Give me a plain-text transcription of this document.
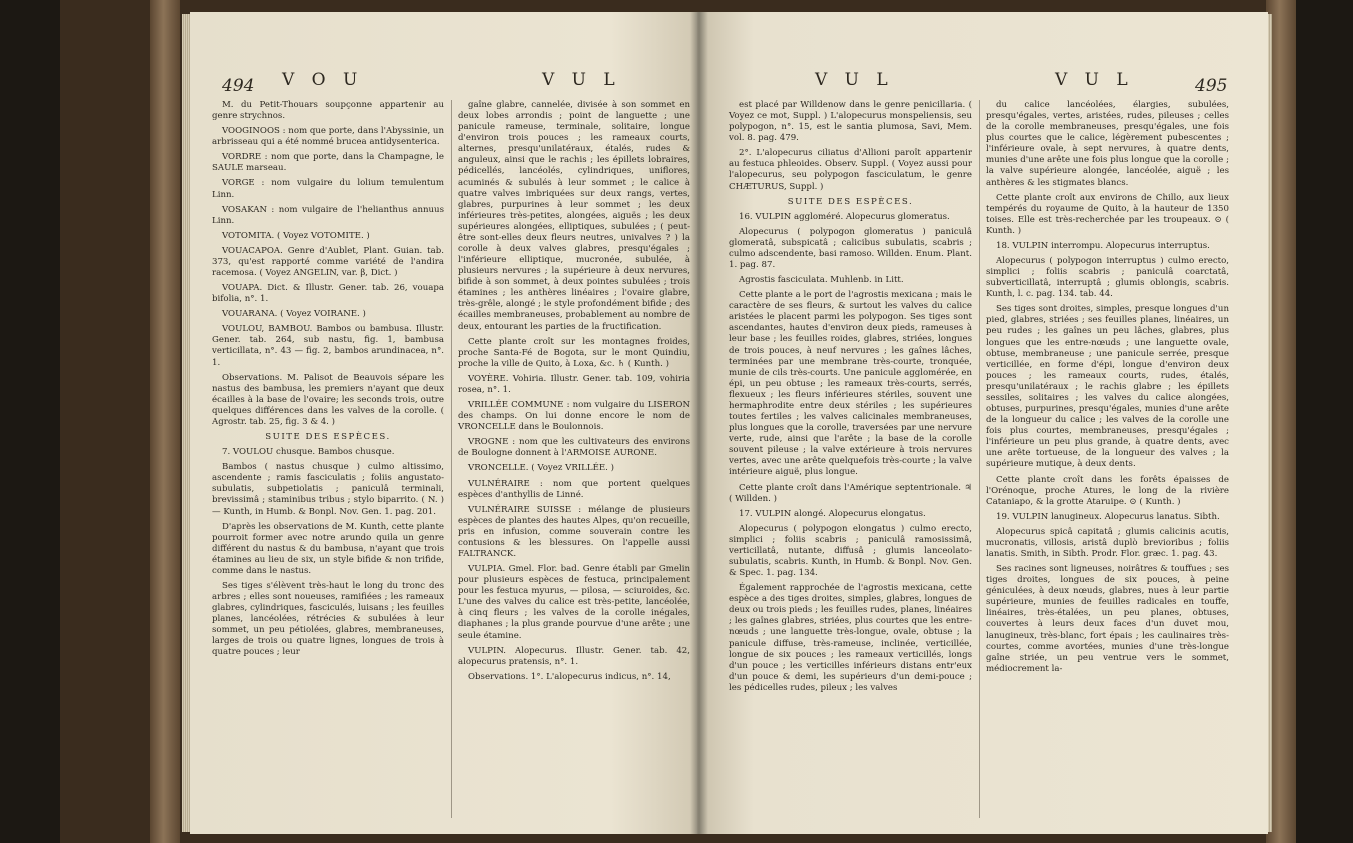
494 V O U	V U L

M. du Petit-Thouars soupçonne appartenir au genre strychnos.

VOOGINOOS : nom que porte, dans l'Abyssinie, un arbrisseau qui a été nommé brucea antidysenterica.

VORDRE : nom que porte, dans la Champagne, le SAULE marseau.

VORGE : nom vulgaire du lolium temulentum Linn.

VOSAKAN : nom vulgaire de l'helianthus annuus Linn.

VOTOMITA. ( Voyez VOTOMITE. )

VOUACAPOA. Genre d'Aublet, Plant. Guian. tab. 373, qu'est rapporté comme variété de l'andira racemosa. ( Voyez ANGELIN, var. β, Dict. )

VOUAPA. Dict. & Illustr. Gener. tab. 26, vouapa bifolia, n°. 1.

VOUARANA. ( Voyez VOIRANE. )

VOULOU, BAMBOU. Bambos ou bambusa. Illustr. Gener. tab. 264, sub nastu, fig. 1, bambusa verticillata, n°. 43 — fig. 2, bambos arundinacea, n°. 1.

Observations. M. Palisot de Beauvois sépare les nastus des bambusa, les premiers n'ayant que deux écailles à la base de l'ovaire; les seconds trois, outre quelques différences dans les valves de la corolle. ( Agrostr. tab. 25, fig. 3 & 4. )

SUITE DES ESPÈCES.

7. VOULOU chusque. Bambos chusque.

Bambos ( nastus chusque ) culmo altissimo, ascendente ; ramis fasciculatis ; foliis angustato-subulatis, subpetiolatis ; paniculâ terminali, brevissimâ ; staminibus tribus ; stylo biparrito. ( N. ) — Kunth, in Humb. & Bonpl. Nov. Gen. 1. pag. 201.

D'après les observations de M. Kunth, cette plante pourroit former avec notre arundo quila un genre différent du nastus & du bambusa, n'ayant que trois étamines au lieu de six, un style bifide & non trifide, comme dans le nastus.

Ses tiges s'élèvent très-haut le long du tronc des arbres ; elles sont noueuses, ramifiées ; les rameaux glabres, cylindriques, fasciculés, luisans ; les feuilles planes, lancéolées, rétrécies & subulées à leur sommet, un peu pétiolées, glabres, membraneuses, larges de trois ou quatre lignes, longues de trois à quatre pouces ; leur

gaîne glabre, cannelée, divisée à son sommet en deux lobes arrondis ; point de languette ; une panicule rameuse, terminale, solitaire, longue d'environ trois pouces ; les rameaux courts, alternes, presqu'unilatéraux, étalés, rudes & anguleux, ainsi que le rachis ; les épillets lobraires, pédicellés, lancéolés, cylindriques, uniflores, acuminés & subulés à leur sommet ; le calice à quatre valves imbriquées sur deux rangs, vertes, glabres, purpurines à leur sommet ; les deux inférieures très-petites, alongées, aiguës ; les deux supérieures alongées, elliptiques, subulées ; ( peut-être sont-elles deux fleurs neutres, univalves ? ) la corolle à deux valves glabres, presqu'égales ; l'inférieure elliptique, mucronée, subulée, à plusieurs nervures ; la supérieure à deux nervures, bifide à son sommet, à deux pointes subulées ; trois étamines ; les anthères linéaires ; l'ovaire glabre, très-grêle, alongé ; le style profondément bifide ; des écailles membraneuses, probablement au nombre de deux, entourant les parties de la fructification.

Cette plante croît sur les montagnes froides, proche Santa-Fé de Bogota, sur le mont Quindiu, proche la ville de Quito, à Loxa, &c. ♄ ( Kunth. )

VOYÈRE. Vohiria. Illustr. Gener. tab. 109, vohiria rosea, n°. 1.

VRILLÉE COMMUNE : nom vulgaire du LISERON des champs. On lui donne encore le nom de VRONCELLE dans le Boulonnois.

VROGNE : nom que les cultivateurs des environs de Boulogne donnent à l'ARMOISE AURONE.

VRONCELLE. ( Voyez VRILLÉE. )

VULNÉRAIRE : nom que portent quelques espèces d'anthyllis de Linné.

VULNÉRAIRE SUISSE : mélange de plusieurs espèces de plantes des hautes Alpes, qu'on recueille, pris en infusion, comme souverain contre les contusions & les blessures. On l'appelle aussi FALTRANCK.

VULPIA. Gmel. Flor. bad. Genre établi par Gmelin pour plusieurs espèces de festuca, principalement pour les festuca myurus, — pilosa, — sciuroides, &c. L'une des valves du calice est très-petite, lancéolée, à cinq fleurs ; les valves de la corolle inégales, diaphanes ; la plus grande pourvue d'une arête ; une seule étamine.

VULPIN. Alopecurus. Illustr. Gener. tab. 42, alopecurus pratensis, n°. 1.

Observations. 1°. L'alopecurus indicus, n°. 14,

V U L	V U L	495

est placé par Willdenow dans le genre penicillaria. ( Voyez ce mot, Suppl. ) L'alopecurus monspeliensis, seu polypogon, n°. 15, est le santia plumosa, Savi, Mem. vol. 8. pag. 479.

2°. L'alopecurus ciliatus d'Allioni paroît appartenir au festuca phleoides. Observ. Suppl. ( Voyez aussi pour l'alopecurus, seu polypogon fasciculatum, le genre CHÆTURUS, Suppl. )

SUITE DES ESPÈCES.

16. VULPIN aggloméré. Alopecurus glomeratus.

Alopecurus ( polypogon glomeratus ) paniculâ glomeratâ, subspicatâ ; calicibus subulatis, scabris ; culmo adscendente, basi ramoso. Willden. Enum. Plant. 1. pag. 87.

Agrostis fasciculata. Muhlenb. in Litt.

Cette plante a le port de l'agrostis mexicana ; mais le caractère de ses fleurs, & surtout les valves du calice aristées le placent parmi les polypogon. Ses tiges sont ascendantes, hautes d'environ deux pieds, rameuses à leur base ; les feuilles roides, glabres, striées, longues de trois pouces, à neuf nervures ; les gaînes lâches, terminées par une membrane très-courte, tronquée, munie de cils très-courts. Une panicule agglomérée, en épi, un peu obtuse ; les rameaux très-courts, serrés, flexueux ; les fleurs inférieures stériles, souvent une hermaphrodite entre deux stériles ; les supérieures toutes fertiles ; les valves calicinales membraneuses, plus longues que la corolle, traversées par une nervure verte, rude, ainsi que l'arête ; la base de la corolle souvent pileuse ; la valve extérieure à trois nervures vertes, avec une arête quelquefois très-courte ; la valve intérieure aiguë, plus longue.

Cette plante croît dans l'Amérique septentrionale. ♃ ( Willden. )

17. VULPIN alongé. Alopecurus elongatus.

Alopecurus ( polypogon elongatus ) culmo erecto, simplici ; foliis scabris ; paniculâ ramosissimâ, verticillatâ, nutante, diffusâ ; glumis lanceolato-subulatis, scabris. Kunth, in Humb. & Bonpl. Nov. Gen. & Spec. 1. pag. 134.

Également rapprochée de l'agrostis mexicana, cette espèce a des tiges droites, simples, glabres, longues de deux ou trois pieds ; les feuilles rudes, planes, linéaires ; les gaînes glabres, striées, plus courtes que les entre-nœuds ; une languette très-longue, ovale, obtuse ; la panicule diffuse, très-rameuse, inclinée, verticillée, longue de six pouces ; les rameaux verticillés, longs d'un pouce ; les verticilles inférieurs distans entr'eux d'un pouce & demi, les supérieurs d'un demi-pouce ; les pédicelles rudes, pileux ; les valves

du calice lancéolées, élargies, subulées, presqu'égales, vertes, aristées, rudes, pileuses ; celles de la corolle membraneuses, presqu'égales, une fois plus courtes que le calice, légèrement pubescentes ; l'inférieure ovale, à sept nervures, à quatre dents, munies d'une arête une fois plus longue que la corolle ; la valve supérieure alongée, lancéolée, aiguë ; les anthères & les stigmates blancs.

Cette plante croît aux environs de Chillo, aux lieux tempérés du royaume de Quito, à la hauteur de 1350 toises. Elle est très-recherchée par les troupeaux. ⊙ ( Kunth. )

18. VULPIN interrompu. Alopecurus interruptus.

Alopecurus ( polypogon interruptus ) culmo erecto, simplici ; foliis scabris ; paniculâ coarctatâ, subverticillatâ, interruptâ ; glumis oblongis, scabris. Kunth, l. c. pag. 134. tab. 44.

Ses tiges sont droites, simples, presque longues d'un pied, glabres, striées ; ses feuilles planes, linéaires, un peu rudes ; les gaînes un peu lâches, glabres, plus longues que les entre-nœuds ; une languette ovale, obtuse, membraneuse ; une panicule serrée, presque verticillée, en forme d'épi, longue d'environ deux pouces ; les rameaux courts, rudes, étalés, presqu'unilatéraux ; le rachis glabre ; les épillets sessiles, solitaires ; les valves du calice alongées, obtuses, purpurines, presqu'égales, munies d'une arête de la longueur du calice ; les valves de la corolle une fois plus courtes, membraneuses, presqu'égales ; l'inférieure un peu plus grande, à quatre dents, avec une arête tortueuse, de la longueur des valves ; la supérieure mutique, à deux dents.

Cette plante croît dans les forêts épaisses de l'Orénoque, proche Atures, le long de la rivière Cataniapo, & la grotte Ataruipe. ⊙ ( Kunth. )

19. VULPIN lanugineux. Alopecurus lanatus. Sibth.

Alopecurus spicâ capitatâ ; glumis calicinis acutis, mucronatis, villosis, aristâ duplò brevioribus ; foliis lanatis. Smith, in Sibth. Prodr. Flor. græc. 1. pag. 43.

Ses racines sont ligneuses, noirâtres & touffues ; ses tiges droites, longues de six pouces, à peine géniculées, à deux nœuds, glabres, nues à leur partie supérieure, munies de feuilles radicales en touffe, linéaires, très-étalées, un peu planes, obtuses, couvertes à leurs deux faces d'un duvet mou, lanugineux, très-blanc, fort épais ; les caulinaires très-courtes, comme avortées, munies d'une très-longue gaîne striée, un peu ventrue vers le sommet, médiocrement la-
